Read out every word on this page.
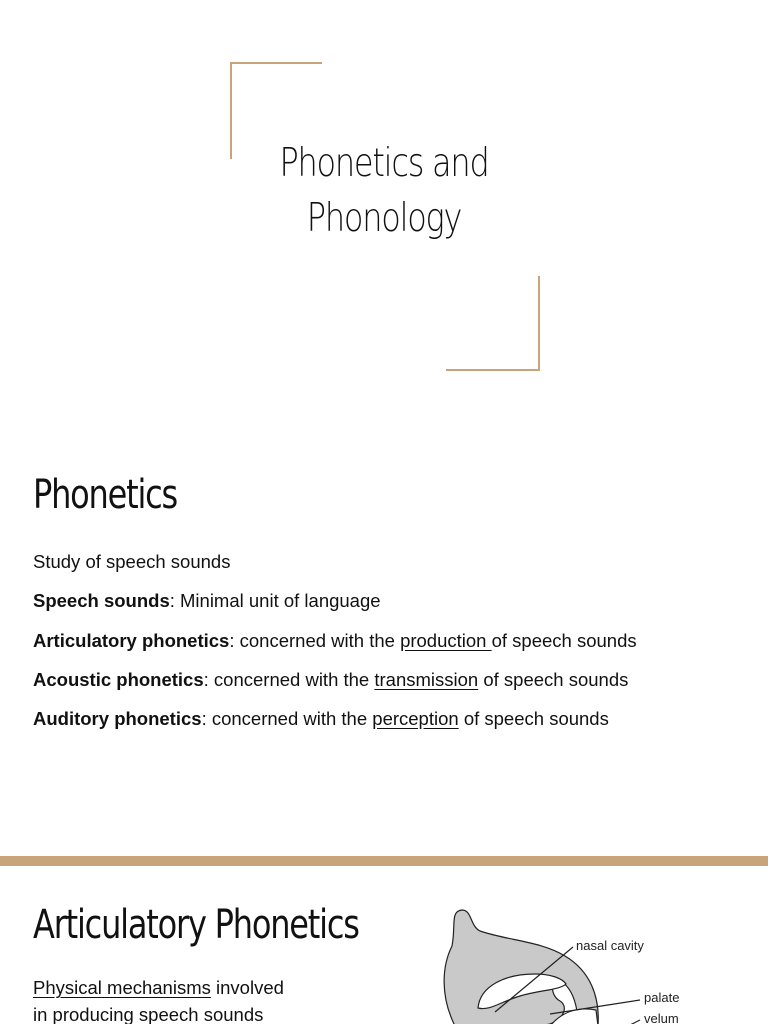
Phonetics and
Phonology
Phonetics

Study of speech sounds

Speech sounds: Minimal unit of language

Articulatory phonetics: concerned with the production of speech sounds

Acoustic phonetics: concerned with the transmission of speech sounds

Auditory phonetics: concerned with the perception of speech sounds

Articulatory Phonetics
Physical mechanisms involved
in producing speech sounds
nasal cavity
palate
velum
